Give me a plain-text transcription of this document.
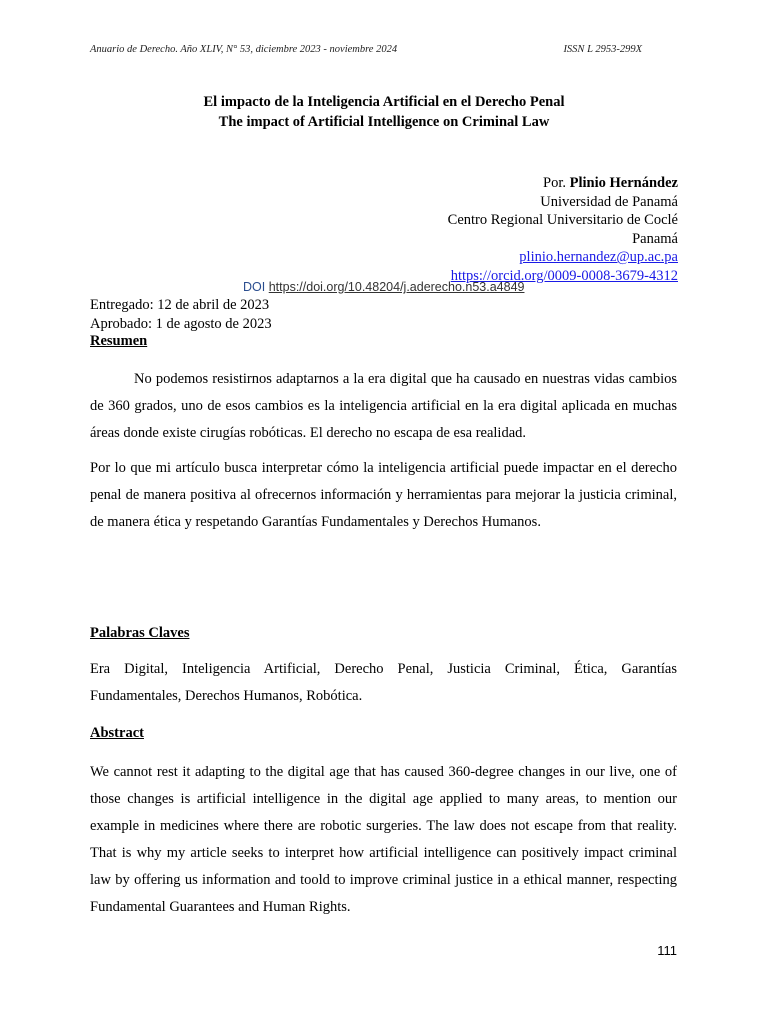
Anuario de Derecho. Año XLIV, N° 53, diciembre 2023 - noviembre 2024	ISSN L 2953-299X
El impacto de la Inteligencia Artificial en el Derecho Penal
The impact of Artificial Intelligence on Criminal Law
Por. Plinio Hernández
Universidad de Panamá
Centro Regional Universitario de Coclé
Panamá
plinio.hernandez@up.ac.pa
https://orcid.org/0009-0008-3679-4312
DOI https://doi.org/10.48204/j.aderecho.n53.a4849
Entregado: 12 de abril de 2023
Aprobado: 1 de agosto de 2023
Resumen
No podemos resistirnos adaptarnos a la era digital que ha causado en nuestras vidas cambios de 360 grados, uno de esos cambios es la inteligencia artificial en la era digital aplicada en muchas áreas donde existe cirugías robóticas. El derecho no escapa de esa realidad.
Por lo que mi artículo busca interpretar cómo la inteligencia artificial puede impactar en el derecho penal de manera positiva al ofrecernos información y herramientas para mejorar la justicia criminal, de manera ética y respetando Garantías Fundamentales y Derechos Humanos.
Palabras Claves
Era Digital, Inteligencia Artificial, Derecho Penal, Justicia Criminal, Ética, Garantías Fundamentales, Derechos Humanos, Robótica.
Abstract
We cannot rest it adapting to the digital age that has caused 360-degree changes in our live, one of those changes is artificial intelligence in the digital age applied to many areas, to mention our example in medicines where there are robotic surgeries. The law does not escape from that reality. That is why my article seeks to interpret how artificial intelligence can positively impact criminal law by offering us information and toold to improve criminal justice in a ethical manner, respecting Fundamental Guarantees and Human Rights.
111
